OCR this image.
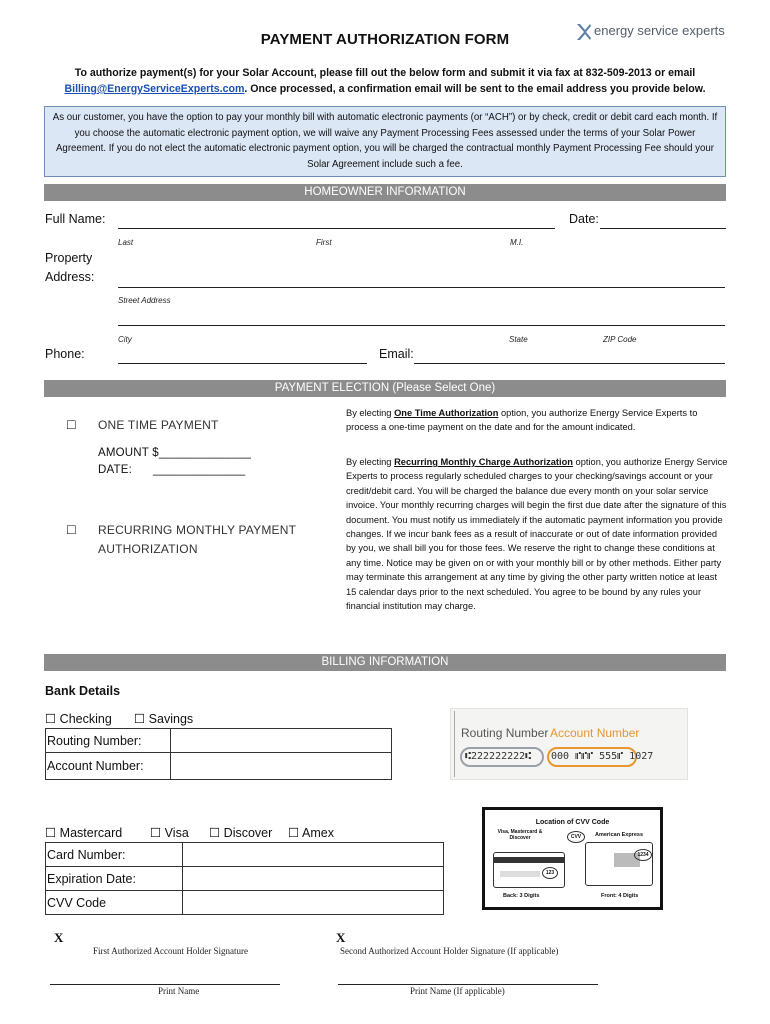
PAYMENT AUTHORIZATION FORM
energy service experts
To authorize payment(s) for your Solar Account, please fill out the below form and submit it via fax at 832-509-2013 or email
Billing@EnergyServiceExperts.com. Once processed, a confirmation email will be sent to the email address you provide below.
As our customer, you have the option to pay your monthly bill with automatic electronic payments (or “ACH”) or by check, credit or debit card each month. If you choose the automatic electronic payment option, we will waive any Payment Processing Fees assessed under the terms of your Solar Power Agreement. If you do not elect the automatic electronic payment option, you will be charged the contractual monthly Payment Processing Fee should your Solar Agreement include such a fee.
HOMEOWNER INFORMATION
Full Name:	Date:
Last	First	M.I.
Property
Address:
Street Address
City	State	ZIP Code
Phone:	Email:
PAYMENT ELECTION (Please Select One)
☐ ONE TIME PAYMENT
AMOUNT $______________
DATE: ______________
☐ RECURRING MONTHLY PAYMENT
AUTHORIZATION
By electing One Time Authorization option, you authorize Energy Service Experts to process a one-time payment on the date and for the amount indicated.
By electing Recurring Monthly Charge Authorization option, you authorize Energy Service Experts to process regularly scheduled charges to your checking/savings account or your credit/debit card. You will be charged the balance due every month on your solar service invoice. Your monthly recurring charges will begin the first due date after the signature of this document. You must notify us immediately if the automatic payment information you provide changes. If we incur bank fees as a result of inaccurate or out of date information provided by you, we shall bill you for those fees. We reserve the right to change these conditions at any time. Notice may be given on or with your monthly bill or by other methods. Either party may terminate this arrangement at any time by giving the other party written notice at least 15 calendar days prior to the next scheduled. You agree to be bound by any rules your financial institution may charge.
BILLING INFORMATION
Bank Details
☐ Checking ☐ Savings
Routing Number:	
Account Number:	
Routing Number Account Number
⑆222222222⑆ 000 ⑈⑈⑈ 555⑈ 1027
☐ Mastercard ☐ Visa ☐ Discover ☐ Amex
Card Number:	
Expiration Date:	
CVV Code	
Location of CVV Code
Visa, Mastercard & Discover	CVV	American Express
123
1234
Back: 3 Digits	Front: 4 Digits
X
First Authorized Account Holder Signature
X
Second Authorized Account Holder Signature (If applicable)
Print Name	Print Name (If applicable)
